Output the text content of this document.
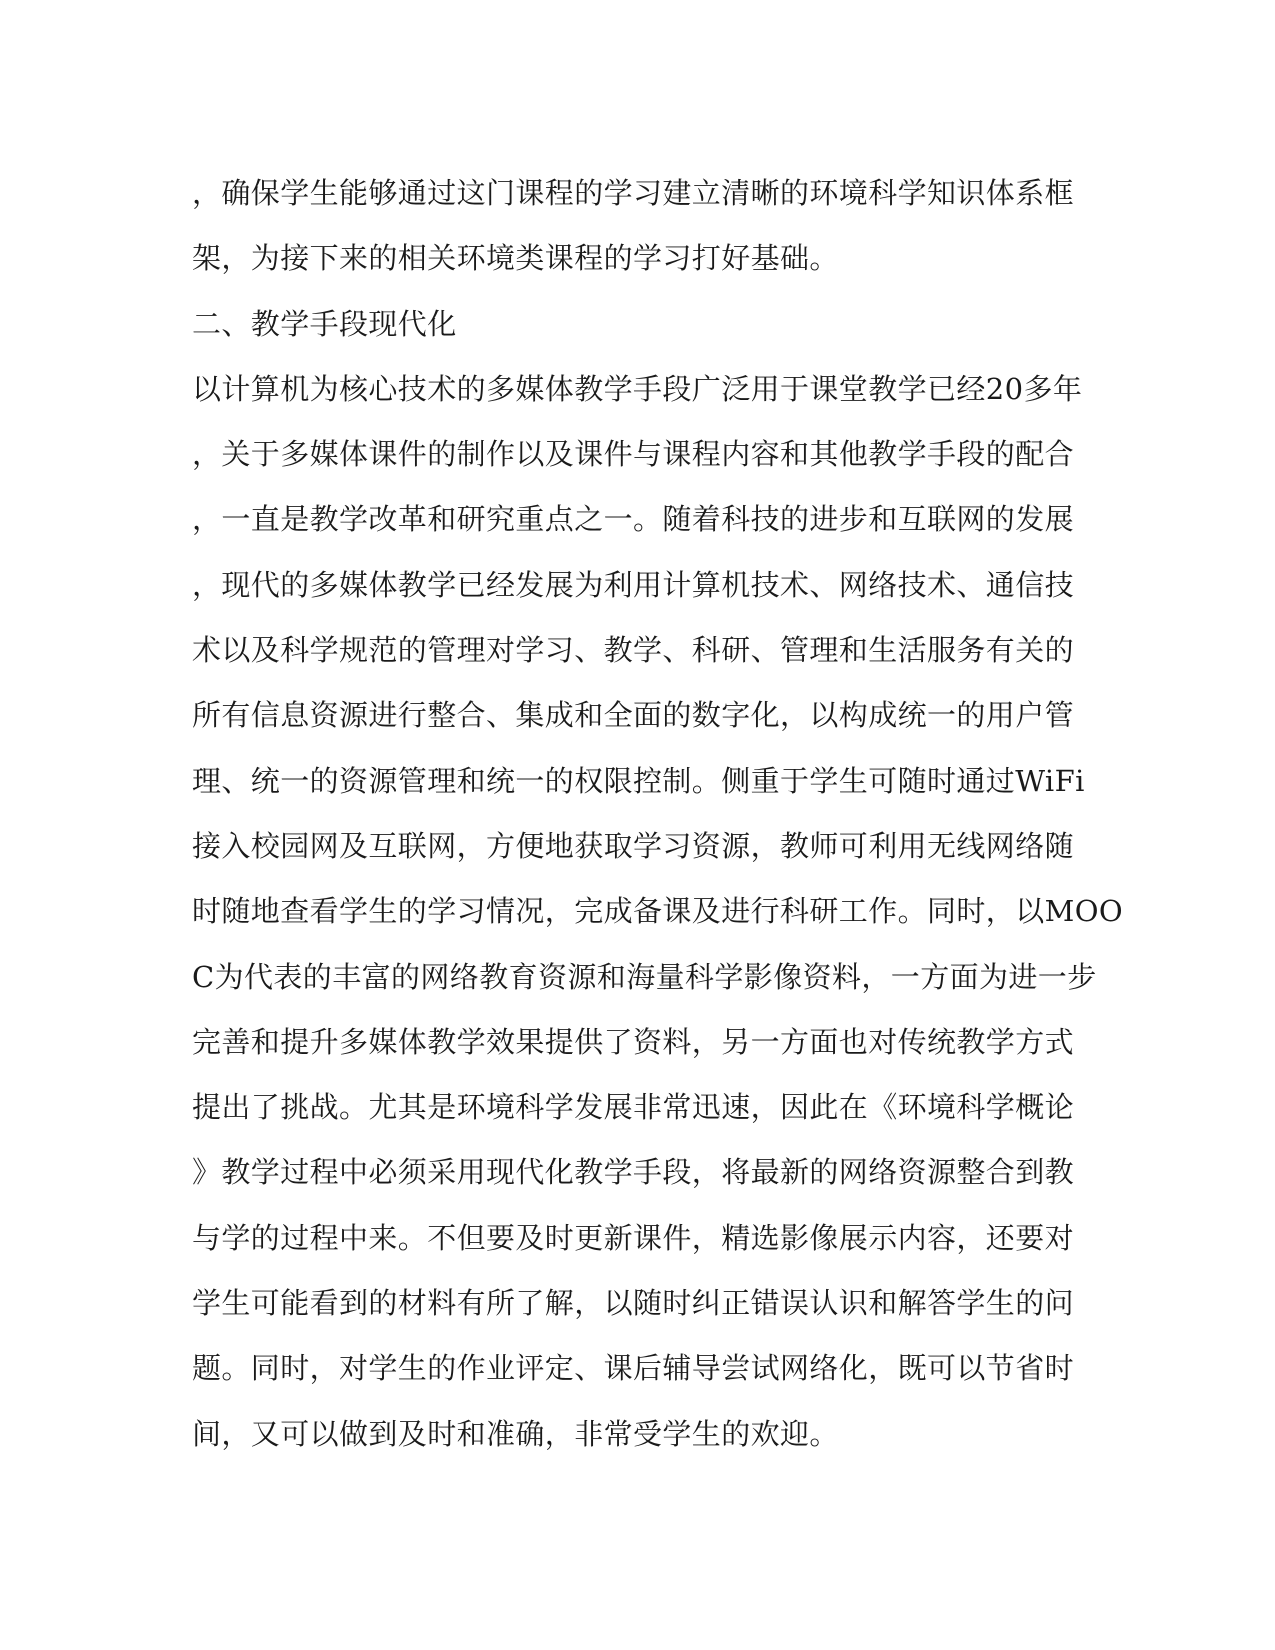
，确保学生能够通过这门课程的学习建立清晰的环境科学知识体系框
架，为接下来的相关环境类课程的学习打好基础。
二、教学手段现代化
以计算机为核心技术的多媒体教学手段广泛用于课堂教学已经20多年
，关于多媒体课件的制作以及课件与课程内容和其他教学手段的配合
，一直是教学改革和研究重点之一。随着科技的进步和互联网的发展
，现代的多媒体教学已经发展为利用计算机技术、网络技术、通信技
术以及科学规范的管理对学习、教学、科研、管理和生活服务有关的
所有信息资源进行整合、集成和全面的数字化，以构成统一的用户管
理、统一的资源管理和统一的权限控制。侧重于学生可随时通过WiFi
接入校园网及互联网，方便地获取学习资源，教师可利用无线网络随
时随地查看学生的学习情况，完成备课及进行科研工作。同时，以MOO
C为代表的丰富的网络教育资源和海量科学影像资料，一方面为进一步
完善和提升多媒体教学效果提供了资料，另一方面也对传统教学方式
提出了挑战。尤其是环境科学发展非常迅速，因此在《环境科学概论
》教学过程中必须采用现代化教学手段，将最新的网络资源整合到教
与学的过程中来。不但要及时更新课件，精选影像展示内容，还要对
学生可能看到的材料有所了解，以随时纠正错误认识和解答学生的问
题。同时，对学生的作业评定、课后辅导尝试网络化，既可以节省时
间，又可以做到及时和准确，非常受学生的欢迎。
